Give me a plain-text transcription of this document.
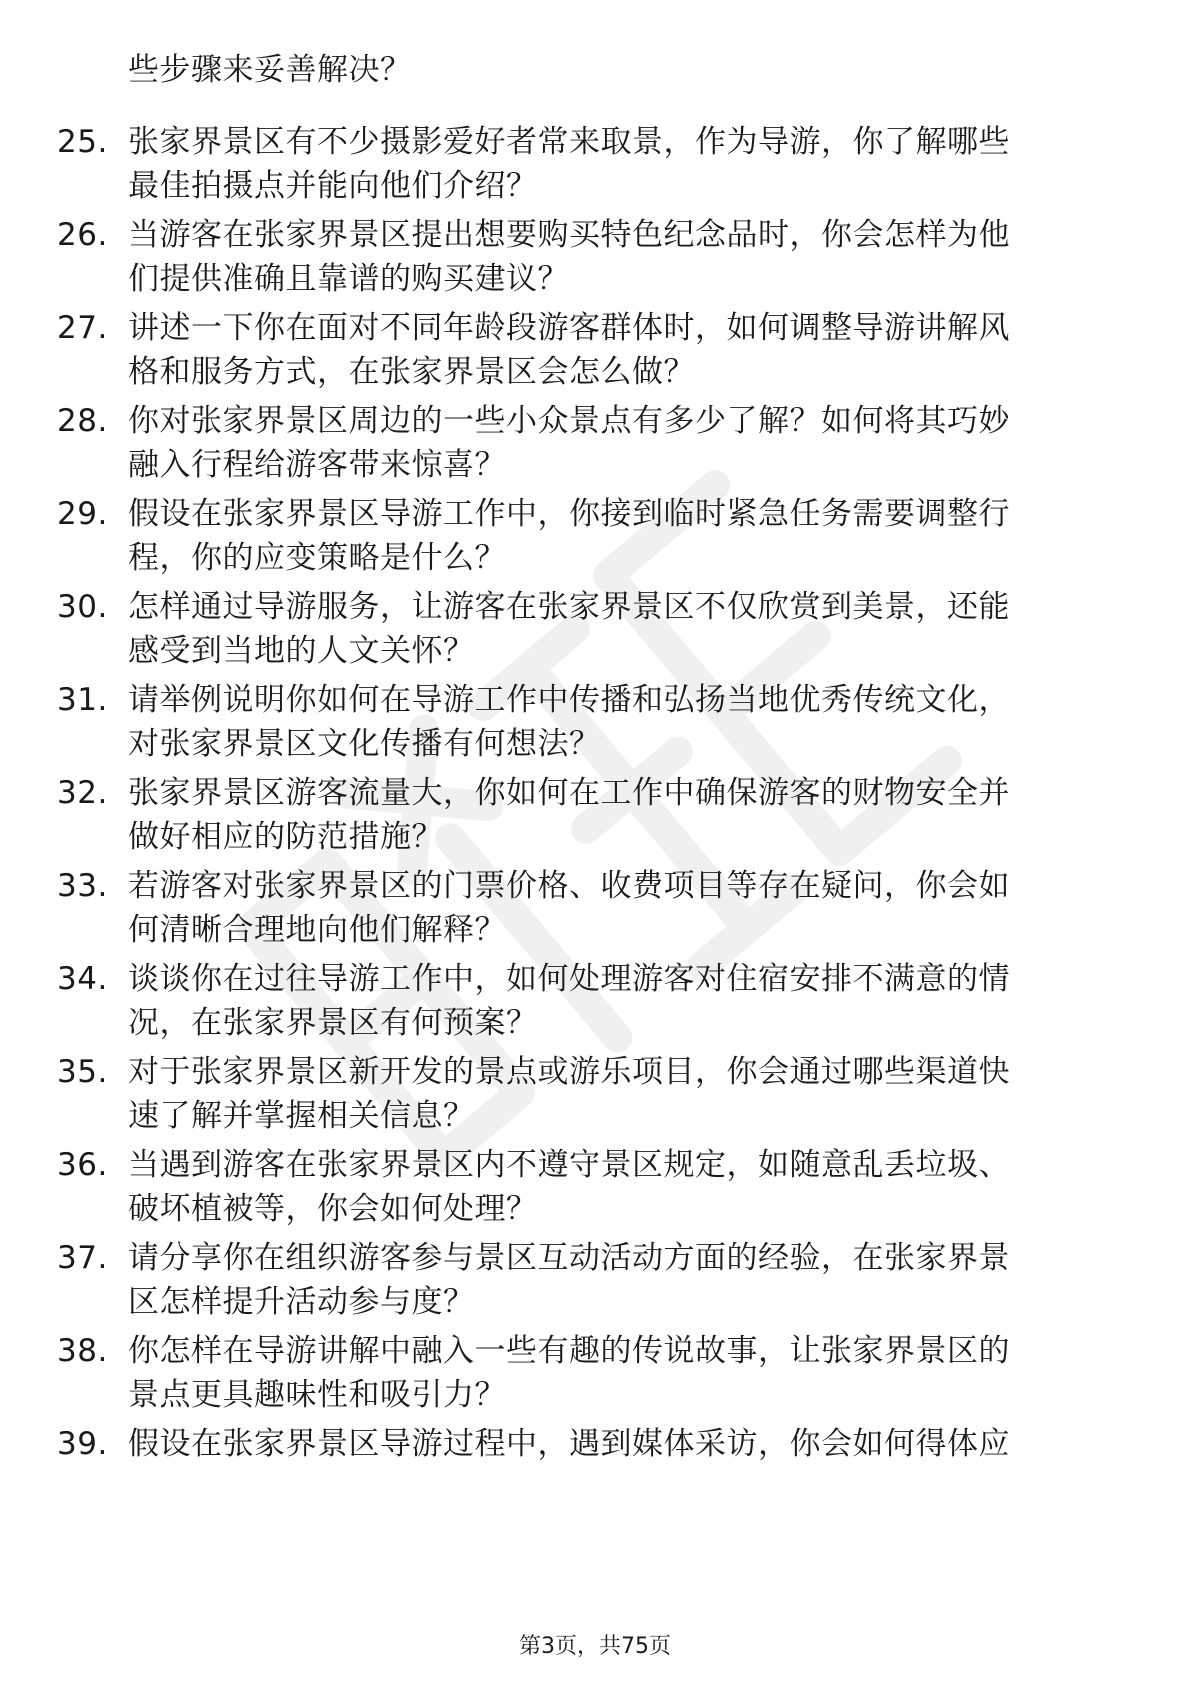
些步骤来妥善解决？
25. 张家界景区有不少摄影爱好者常来取景，作为导游，你了解哪些
最佳拍摄点并能向他们介绍？
26. 当游客在张家界景区提出想要购买特色纪念品时，你会怎样为他
们提供准确且靠谱的购买建议？
27. 讲述一下你在面对不同年龄段游客群体时，如何调整导游讲解风
格和服务方式，在张家界景区会怎么做？
28. 你对张家界景区周边的一些小众景点有多少了解？如何将其巧妙
融入行程给游客带来惊喜？
29. 假设在张家界景区导游工作中，你接到临时紧急任务需要调整行
程，你的应变策略是什么？
30. 怎样通过导游服务，让游客在张家界景区不仅欣赏到美景，还能
感受到当地的人文关怀？
31. 请举例说明你如何在导游工作中传播和弘扬当地优秀传统文化，
对张家界景区文化传播有何想法？
32. 张家界景区游客流量大，你如何在工作中确保游客的财物安全并
做好相应的防范措施？
33. 若游客对张家界景区的门票价格、收费项目等存在疑问，你会如
何清晰合理地向他们解释？
34. 谈谈你在过往导游工作中，如何处理游客对住宿安排不满意的情
况，在张家界景区有何预案？
35. 对于张家界景区新开发的景点或游乐项目，你会通过哪些渠道快
速了解并掌握相关信息？
36. 当遇到游客在张家界景区内不遵守景区规定，如随意乱丢垃圾、
破坏植被等，你会如何处理？
37. 请分享你在组织游客参与景区互动活动方面的经验，在张家界景
区怎样提升活动参与度？
38. 你怎样在导游讲解中融入一些有趣的传说故事，让张家界景区的
景点更具趣味性和吸引力？
39. 假设在张家界景区导游过程中，遇到媒体采访，你会如何得体应
第3页，共75页
